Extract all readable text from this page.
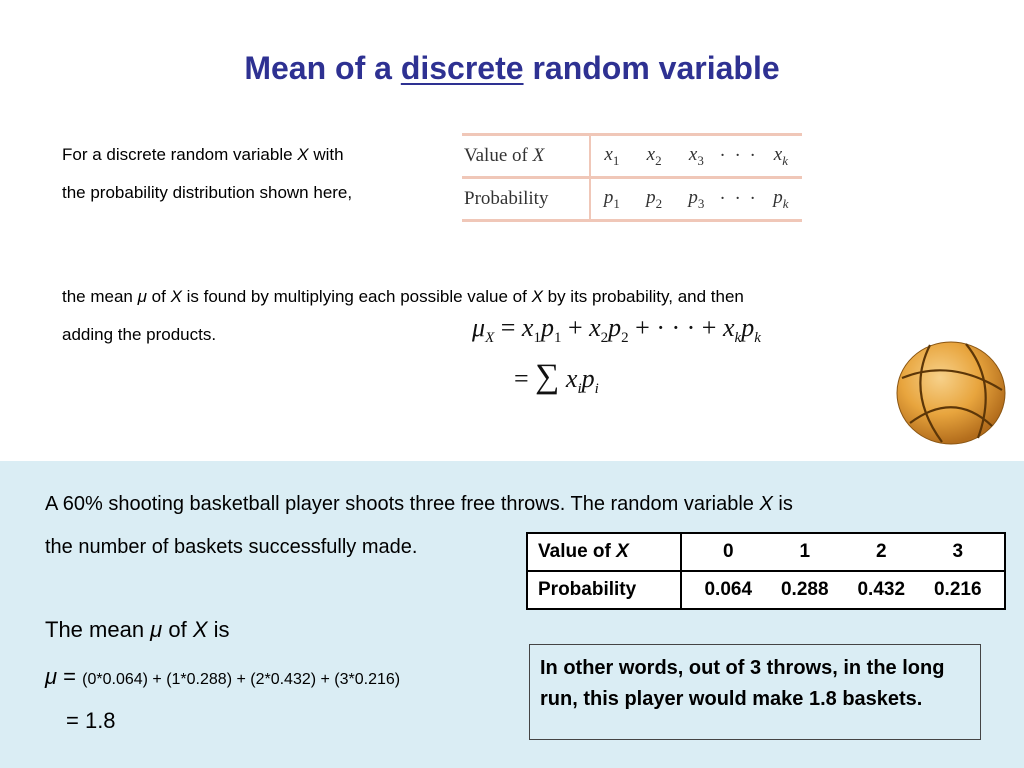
Mean of a discrete random variable
For a discrete random variable X with
the probability distribution shown here,
Value of X	$x_1$	$x_2$	$x_3$	· · ·	$x_k$
Probability	$p_1$	$p_2$	$p_3$	· · ·	$p_k$
the mean μ of X is found by multiplying each possible value of X by its probability, and then
adding the products.	$\mu_X = x_1p_1 + x_2p_2$ + · · · + $x_kp_k$
= ∑ $x_ip_i$
A 60% shooting basketball player shoots three free throws. The random variable X is
the number of baskets successfully made.	Value of X	0 1 2 3

Probability	0.064 0.288 0.432 0.216
The mean μ of X is
μ = (0*0.064) + (1*0.288) + (2*0.432) + (3*0.216)
= 1.8
In other words, out of 3 throws, in the long run, this player would make 1.8 baskets.
